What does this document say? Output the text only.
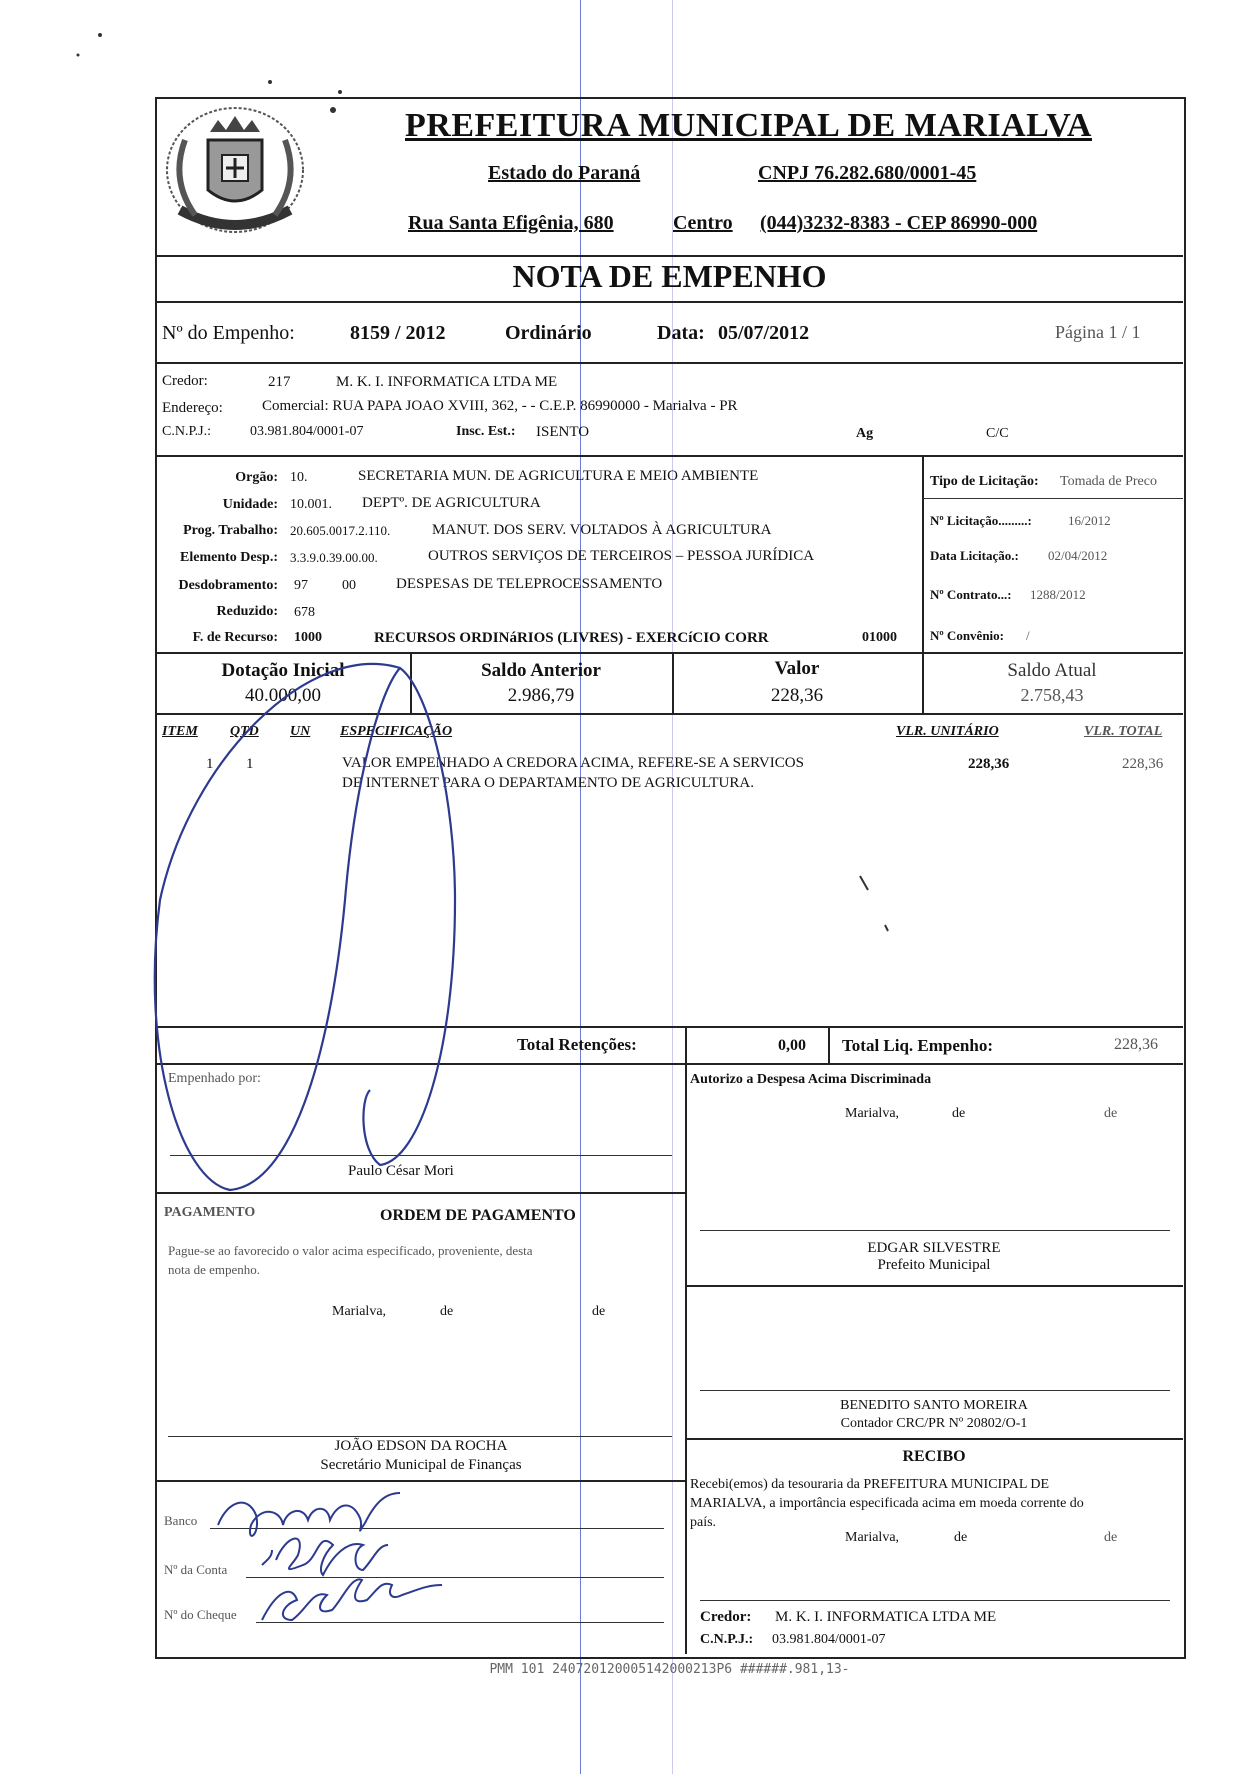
PREFEITURA MUNICIPAL DE MARIALVA
Estado do Paraná	CNPJ 76.282.680/0001-45
Rua Santa Efigênia, 680	Centro (044)3232-8383 - CEP 86990-000
NOTA DE EMPENHO
Nº do Empenho:	8159 / 2012	Ordinário	Data: 05/07/2012	Página 1 / 1
Credor:	217	M. K. I. INFORMATICA LTDA ME
Endereço:	Comercial: RUA PAPA JOAO XVIII, 362, - - C.E.P. 86990000 - Marialva - PR
C.N.P.J.:	03.981.804/0001-07	Insc. Est.: ISENTO	Ag	C/C
Orgão: 10.	SECRETARIA MUN. DE AGRICULTURA E MEIO AMBIENTE
Unidade: 10.001. DEPTº. DE AGRICULTURA
Prog. Trabalho: 20.605.0017.2.110.	MANUT. DOS SERV. VOLTADOS À AGRICULTURA
Elemento Desp.: 3.3.9.0.39.00.00.	OUTROS SERVIÇOS DE TERCEIROS – PESSOA JURÍDICA
Desdobramento: 97 00	DESPESAS DE TELEPROCESSAMENTO
Reduzido: 678
F. de Recurso: 1000	RECURSOS ORDINáRIOS (LIVRES) - EXERCíCIO CORR	01000
Tipo de Licitação: Tomada de Preco
Nº Licitação.........:	16/2012
Data Licitação.: 02/04/2012
Nº Contrato...: 1288/2012
Nº Convênio: /
Dotação Inicial
40.000,00
Saldo Anterior
2.986,79
Valor
228,36
Saldo Atual
2.758,43
ITEM QTD UN ESPECIFICAÇÃO	VLR. UNITÁRIO	VLR. TOTAL
1 1	VALOR EMPENHADO A CREDORA ACIMA, REFERE-SE A SERVICOS
DE INTERNET PARA O DEPARTAMENTO DE AGRICULTURA.
228,36	228,36
Total Retenções:	0,00 Total Liq. Empenho:	228,36
Empenhado por:
Paulo César Mori
Autorizo a Despesa Acima Discriminada
Marialva,	de	de
EDGAR SILVESTRE
Prefeito Municipal
PAGAMENTO	ORDEM DE PAGAMENTO
Pague-se ao favorecido o valor acima especificado, proveniente, desta
nota de empenho.
Marialva,	de	de
JOÃO EDSON DA ROCHA
Secretário Municipal de Finanças
BENEDITO SANTO MOREIRA
Contador CRC/PR Nº 20802/O-1
RECIBO
Recebi(emos) da tesouraria da PREFEITURA MUNICIPAL DE
MARIALVA, a importância especificada acima em moeda corrente do
país.
Marialva,	de	de
Credor: M. K. I. INFORMATICA LTDA ME
C.N.P.J.: 03.981.804/0001-07
Banco
Nº da Conta
Nº do Cheque
PMM 101 240720120005142000213P6 ######.981,13-
